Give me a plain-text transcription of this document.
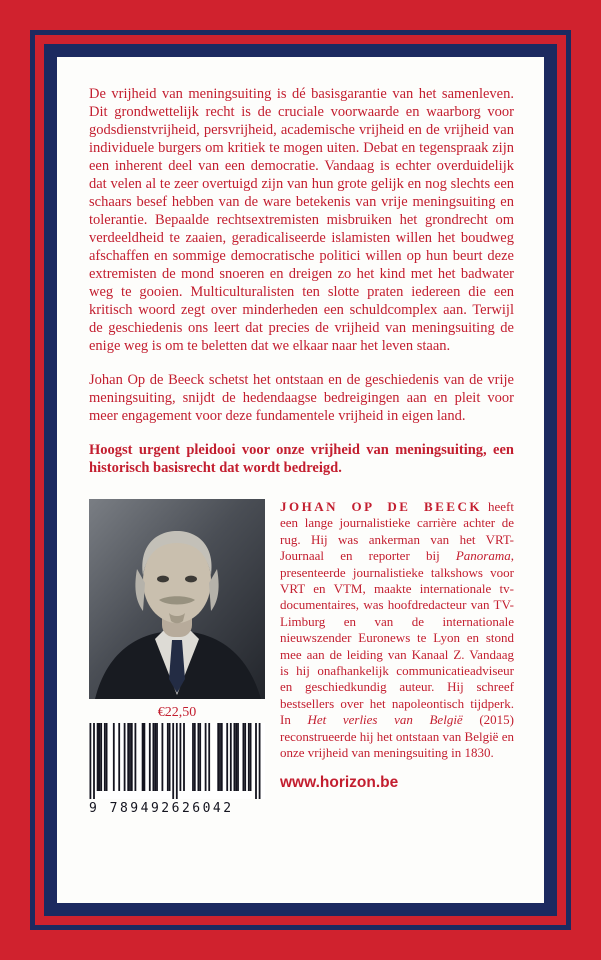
De vrijheid van meningsuiting is dé basisgarantie van het samenleven. Dit grondwettelijk recht is de cruciale voorwaarde en waarborg voor godsdienstvrijheid, persvrijheid, academische vrijheid en de vrijheid van individuele burgers om kritiek te mogen uiten. Debat en tegenspraak zijn een inherent deel van een democratie. Vandaag is echter overduidelijk dat velen al te zeer overtuigd zijn van hun grote gelijk en nog slechts een schaars besef hebben van de ware betekenis van vrije meningsuiting en tolerantie. Bepaalde rechtsextremisten misbruiken het grondrecht om verdeeldheid te zaaien, geradicaliseerde islamisten willen het boudweg afschaffen en sommige democratische politici willen op hun beurt deze extremisten de mond snoeren en dreigen zo het kind met het badwater weg te gooien. Multiculturalisten ten slotte praten iedereen die een kritisch woord zegt over minderheden een schuldcomplex aan. Terwijl de geschiedenis ons leert dat precies de vrijheid van meningsuiting de enige weg is om te beletten dat we elkaar naar het leven staan.

Johan Op de Beeck schetst het ontstaan en de geschiedenis van de vrije meningsuiting, snijdt de hedendaagse bedreigingen aan en pleit voor meer engagement voor deze fundamentele vrijheid in eigen land.

Hoogst urgent pleidooi voor onze vrijheid van meningsuiting, een historisch basisrecht dat wordt bedreigd.

€22,50
9 789492626042
JOHAN OP DE BEECK heeft een lange journalistieke carrière achter de rug. Hij was ankerman van het VRT-Journaal en reporter bij Panorama, presenteerde journalistieke talkshows voor VRT en VTM, maakte internationale tv-documentaires, was hoofdredacteur van TV-Limburg en van de internationale nieuwszender Euronews te Lyon en stond mee aan de leiding van Kanaal Z. Vandaag is hij onafhankelijk communicatieadviseur en geschiedkundig auteur. Hij schreef bestsellers over het napoleontisch tijdperk. In Het verlies van België (2015) reconstrueerde hij het ontstaan van België en onze vrijheid van meningsuiting in 1830.
www.horizon.be
